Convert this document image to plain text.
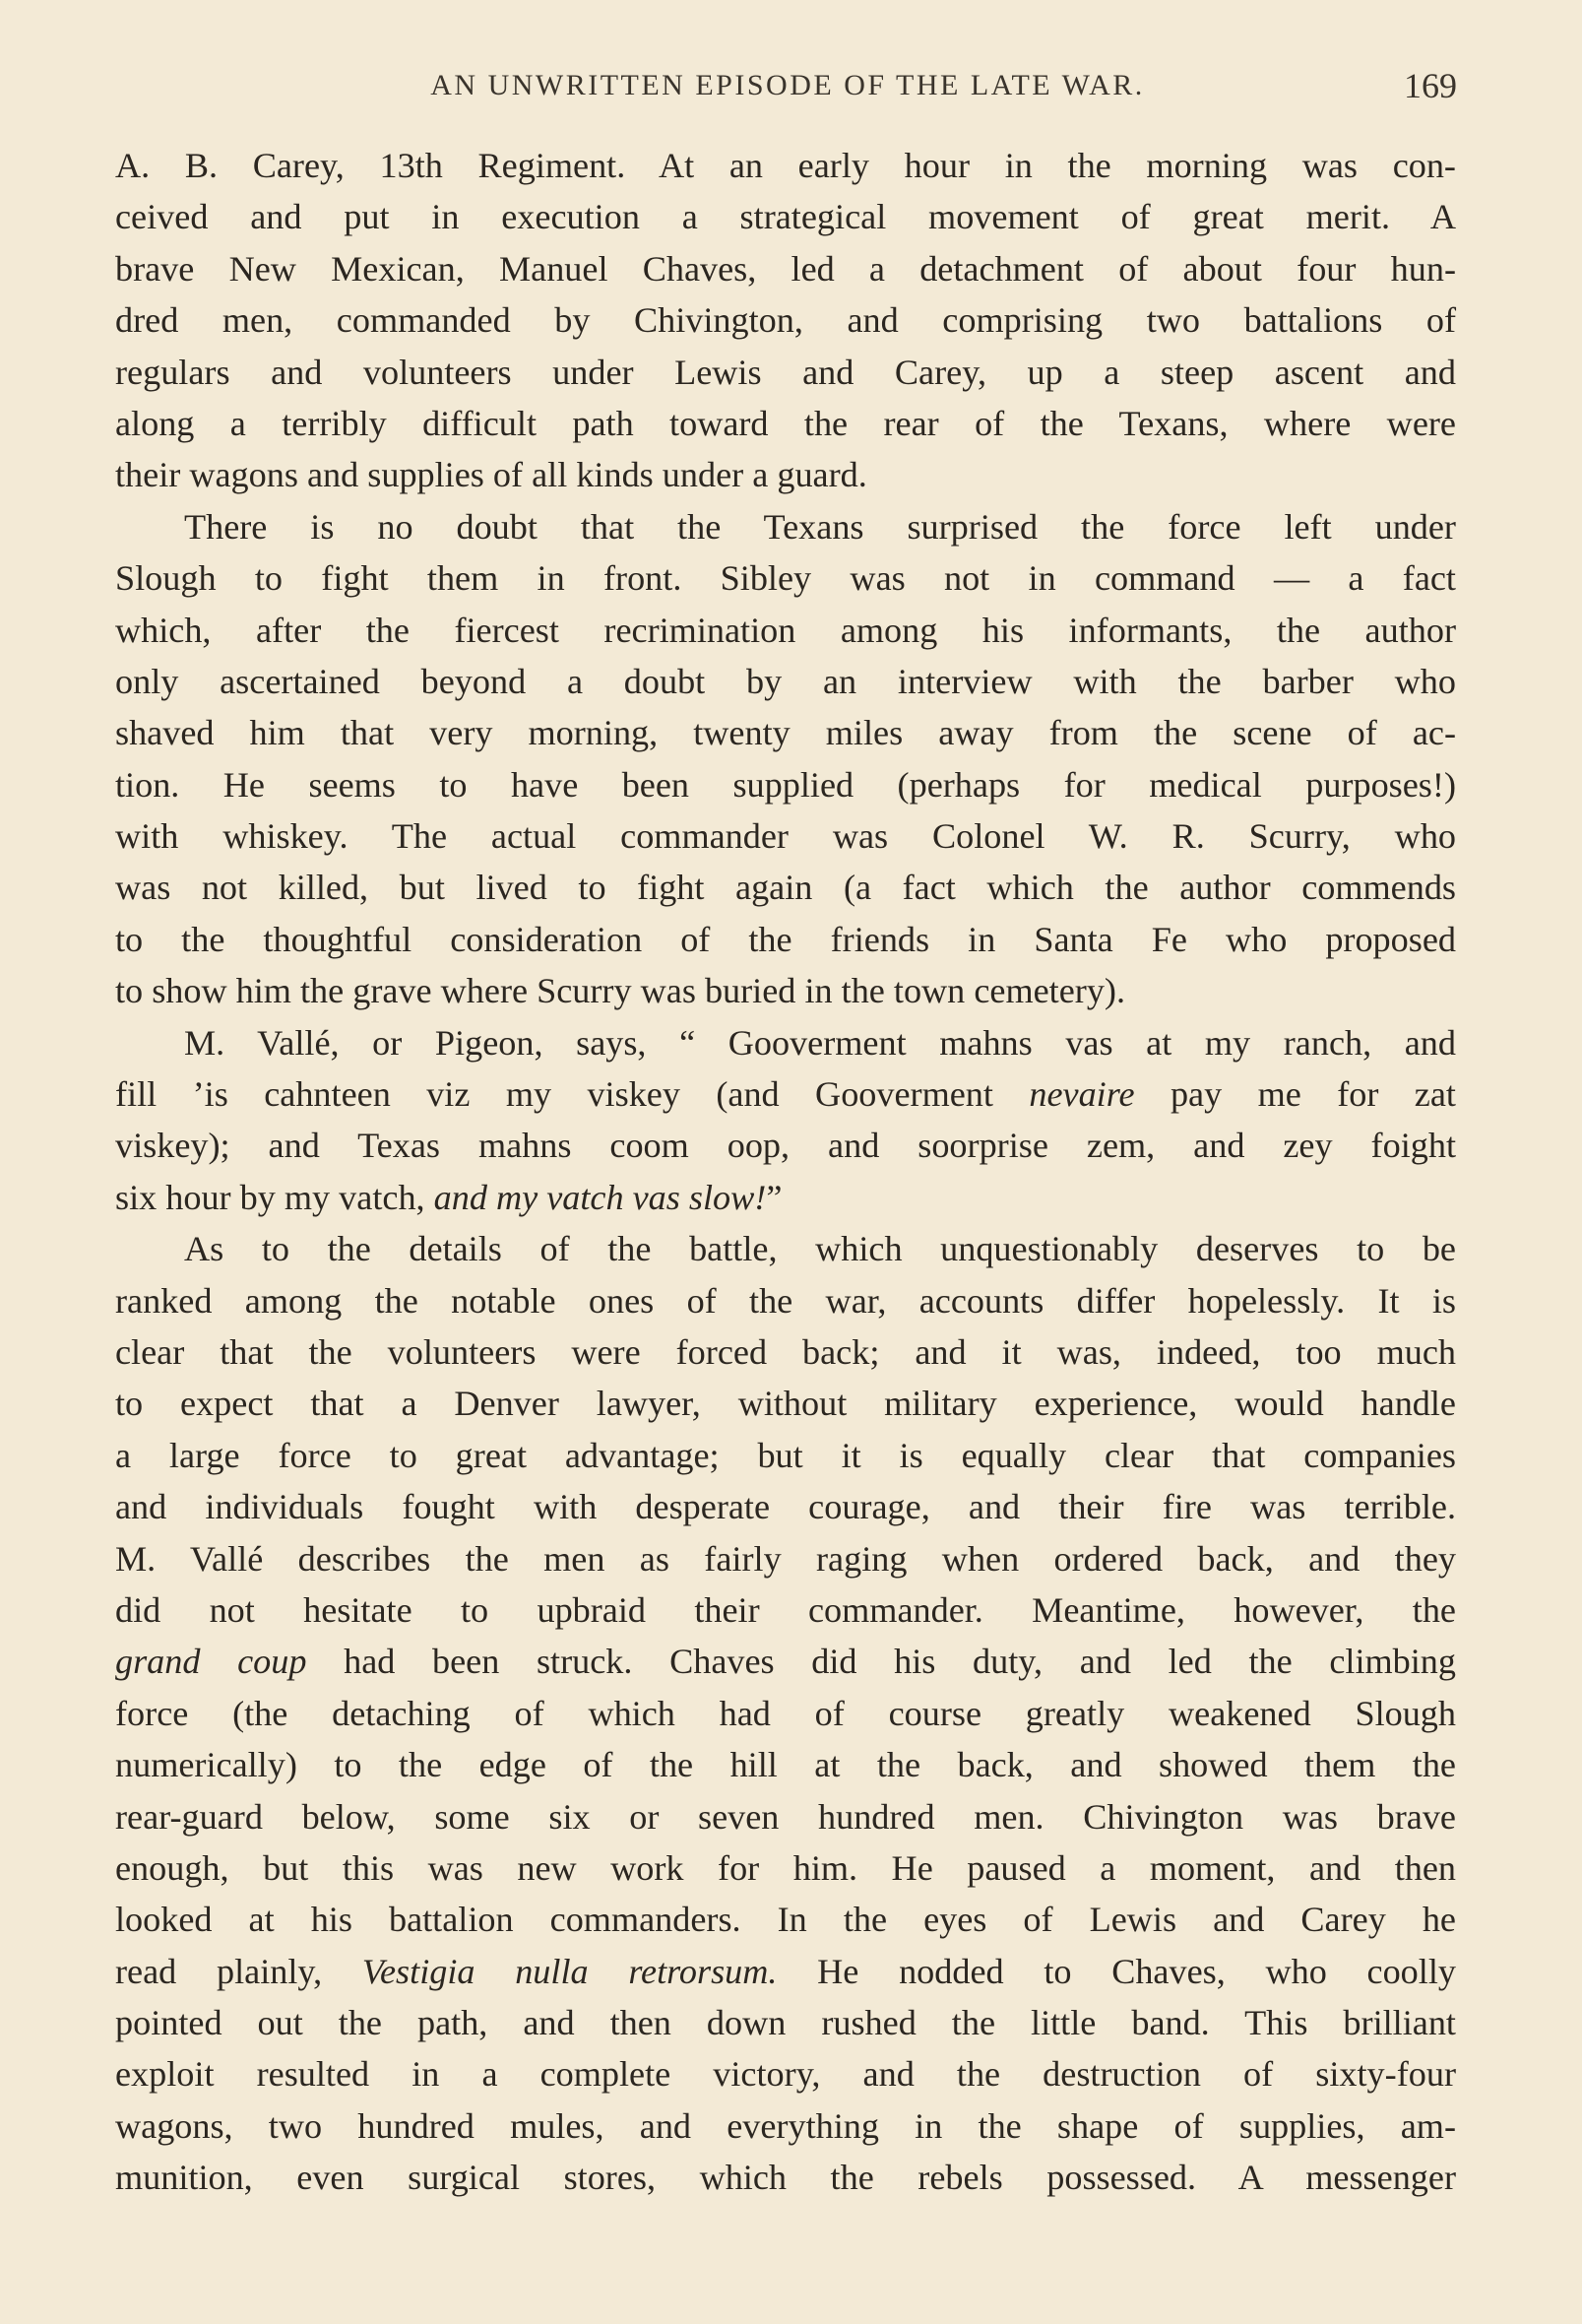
AN UNWRITTEN EPISODE OF THE LATE WAR.	169
A. B. Carey, 13th Regiment. At an early hour in the morning was con-
ceived and put in execution a strategical movement of great merit. A
brave New Mexican, Manuel Chaves, led a detachment of about four hun-
dred men, commanded by Chivington, and comprising two battalions of
regulars and volunteers under Lewis and Carey, up a steep ascent and
along a terribly difficult path toward the rear of the Texans, where were
their wagons and supplies of all kinds under a guard.
There is no doubt that the Texans surprised the force left under
Slough to fight them in front. Sibley was not in command — a fact
which, after the fiercest recrimination among his informants, the author
only ascertained beyond a doubt by an interview with the barber who
shaved him that very morning, twenty miles away from the scene of ac-
tion. He seems to have been supplied (perhaps for medical purposes!)
with whiskey. The actual commander was Colonel W. R. Scurry, who
was not killed, but lived to fight again (a fact which the author commends
to the thoughtful consideration of the friends in Santa Fe who proposed
to show him the grave where Scurry was buried in the town cemetery).
M. Vallé, or Pigeon, says, “ Gooverment mahns vas at my ranch, and
fill ’is cahnteen viz my viskey (and Gooverment nevaire pay me for zat
viskey); and Texas mahns coom oop, and soorprise zem, and zey foight
six hour by my vatch, and my vatch vas slow!”
As to the details of the battle, which unquestionably deserves to be
ranked among the notable ones of the war, accounts differ hopelessly. It is
clear that the volunteers were forced back; and it was, indeed, too much
to expect that a Denver lawyer, without military experience, would handle
a large force to great advantage; but it is equally clear that companies
and individuals fought with desperate courage, and their fire was terrible.
M. Vallé describes the men as fairly raging when ordered back, and they
did not hesitate to upbraid their commander. Meantime, however, the
grand coup had been struck. Chaves did his duty, and led the climbing
force (the detaching of which had of course greatly weakened Slough
numerically) to the edge of the hill at the back, and showed them the
rear-guard below, some six or seven hundred men. Chivington was brave
enough, but this was new work for him. He paused a moment, and then
looked at his battalion commanders. In the eyes of Lewis and Carey he
read plainly, Vestigia nulla retrorsum. He nodded to Chaves, who coolly
pointed out the path, and then down rushed the little band. This brilliant
exploit resulted in a complete victory, and the destruction of sixty-four
wagons, two hundred mules, and everything in the shape of supplies, am-
munition, even surgical stores, which the rebels possessed. A messenger
